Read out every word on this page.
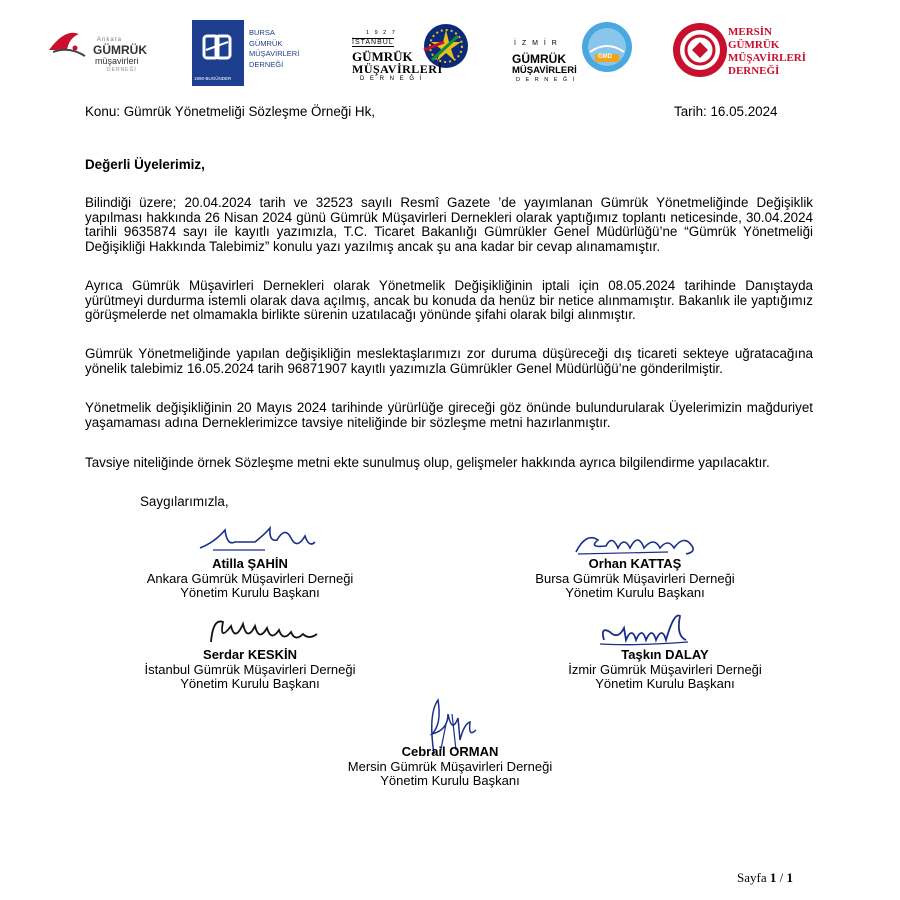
Ankara
GÜMRÜK
müşavirleri
DERNEĞİ
1990-BUGÜNDER
BURSA
GÜMRÜK
MÜŞAVİRLERİ
DERNEĞİ
1 9 2 7
İSTANBUL
GÜMRÜK
MÜŞAVİRLERİ
D E R N E Ğ İ
GMD
İ Z M İ R
GÜMRÜK
MÜŞAVİRLERİ
D E R N E Ğ İ
MERSİN
GÜMRÜK
MÜŞAVİRLERİ
DERNEĞİ
Konu: Gümrük Yönetmeliği Sözleşme Örneği Hk,	Tarih: 16.05.2024
Değerli Üyelerimiz,

Bilindiği üzere; 20.04.2024 tarih ve 32523 sayılı Resmî Gazete ’de yayımlanan Gümrük Yönetmeliğinde Değişiklik yapılması hakkında 26 Nisan 2024 günü Gümrük Müşavirleri Dernekleri olarak yaptığımız toplantı neticesinde, 30.04.2024 tarihli 9635874 sayı ile kayıtlı yazımızla, T.C. Ticaret Bakanlığı Gümrükler Genel Müdürlüğü’ne “Gümrük Yönetmeliği Değişikliği Hakkında Talebimiz” konulu yazı yazılmış ancak şu ana kadar bir cevap alınamamıştır.

Ayrıca Gümrük Müşavirleri Dernekleri olarak Yönetmelik Değişikliğinin iptali için 08.05.2024 tarihinde Danıştayda yürütmeyi durdurma istemli olarak dava açılmış, ancak bu konuda da henüz bir netice alınmamıştır. Bakanlık ile yaptığımız görüşmelerde net olmamakla birlikte sürenin uzatılacağı yönünde şifahi olarak bilgi alınmıştır.

Gümrük Yönetmeliğinde yapılan değişikliğin meslektaşlarımızı zor duruma düşüreceği dış ticareti sekteye uğratacağına yönelik talebimiz 16.05.2024 tarih 96871907 kayıtlı yazımızla Gümrükler Genel Müdürlüğü’ne gönderilmiştir.

Yönetmelik değişikliğinin 20 Mayıs 2024 tarihinde yürürlüğe gireceği göz önünde bulundurularak Üyelerimizin mağduriyet yaşamaması adına Derneklerimizce tavsiye niteliğinde bir sözleşme metni hazırlanmıştır.

Tavsiye niteliğinde örnek Sözleşme metni ekte sunulmuş olup, gelişmeler hakkında ayrıca bilgilendirme yapılacaktır.

Saygılarımızla,
Atilla ŞAHİN
Ankara Gümrük Müşavirleri Derneği
Yönetim Kurulu Başkanı
Orhan KATTAŞ
Bursa Gümrük Müşavirleri Derneği
Yönetim Kurulu Başkanı
Serdar KESKİN
İstanbul Gümrük Müşavirleri Derneği
Yönetim Kurulu Başkanı
Taşkın DALAY
İzmir Gümrük Müşavirleri Derneği
Yönetim Kurulu Başkanı
Cebrail ORMAN
Mersin Gümrük Müşavirleri Derneği
Yönetim Kurulu Başkanı
Sayfa 1 / 1
